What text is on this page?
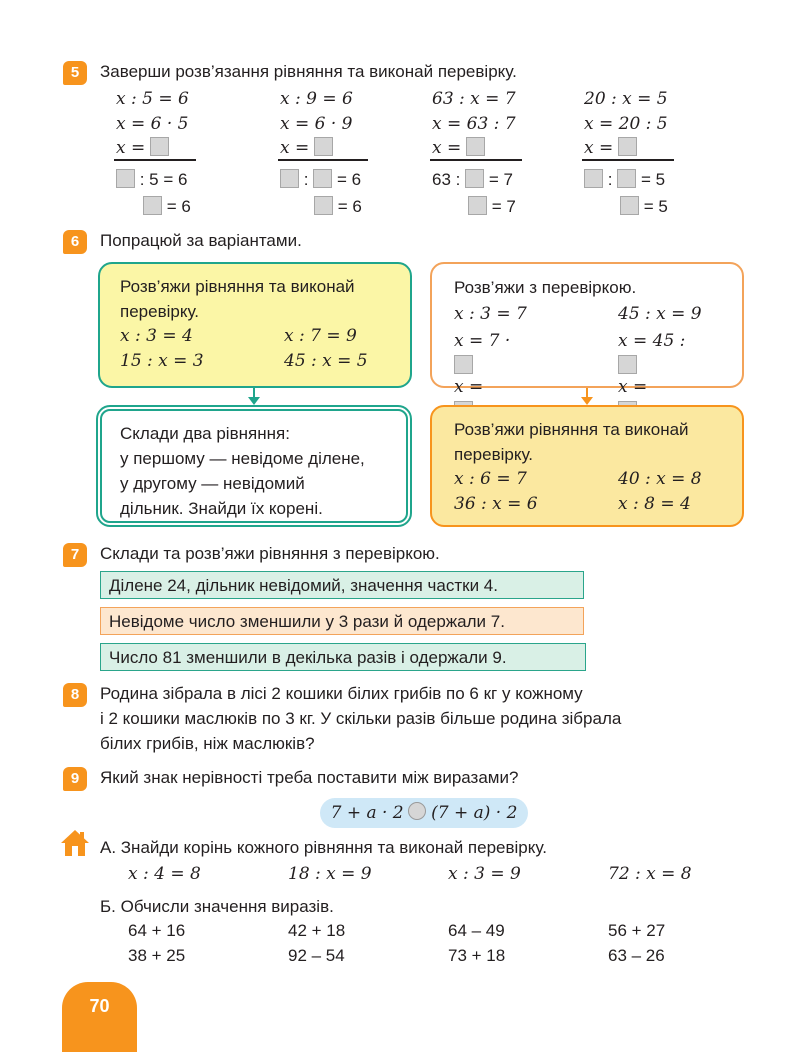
5	Заверши розв’язання рівняння та виконай перевірку.
x : 5 = 6
x = 6 · 5
x =
: 5 = 6
= 6
x : 9 = 6
x = 6 · 9
x =
: = 6
= 6
63 : x = 7
x = 63 : 7
x =
63 : = 7
= 7
20 : x = 5
x = 20 : 5
x =
: = 5
= 5
6	Попрацюй за варіантами.
Розв’яжи рівняння та виконай
перевірку.
x : 3 = 4	x : 7 = 9
15 : x = 3	45 : x = 5
Склади два рівняння:
у першому — невідоме ділене,
у другому — невідомий
дільник. Знайди їх корені.
Розв’яжи з перевіркою.
x : 3 = 7	45 : x = 9
x = 7 ·	x = 45 :
x =	x =
Розв’яжи рівняння та виконай
перевірку.
x : 6 = 7	40 : x = 8
36 : x = 6	x : 8 = 4
7	Склади та розв’яжи рівняння з перевіркою.
Ділене 24, дільник невідомий, значення частки 4.
Невідоме число зменшили у 3 рази й одержали 7.
Число 81 зменшили в декілька разів і одержали 9.
8	Родина зібрала в лісі 2 кошики білих грибів по 6 кг у кожному
і 2 кошики маслюків по 3 кг. У скільки разів більше родина зібрала
білих грибів, ніж маслюків?
9	Який знак нерівності треба поставити між виразами?
7 + a · 2 (7 + a) · 2
А. Знайди корінь кожного рівняння та виконай перевірку.
x : 4 = 8	18 : x = 9	x : 3 = 9	72 : x = 8
Б. Обчисли значення виразів.
64 + 16	42 + 18	64 – 49	56 + 27
38 + 25	92 – 54	73 + 18	63 – 26
70
